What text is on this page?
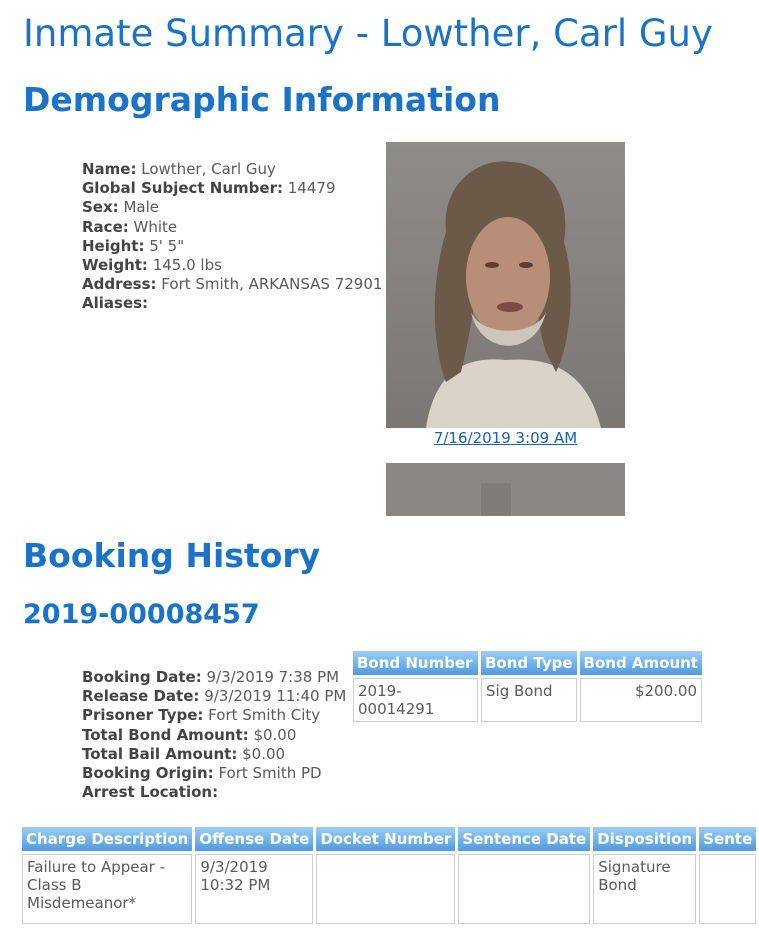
Inmate Summary - Lowther, Carl Guy
Demographic Information
Name: Lowther, Carl Guy
Global Subject Number: 14479
Sex: Male
Race: White
Height: 5' 5"
Weight: 145.0 lbs
Address: Fort Smith, ARKANSAS 72901
Aliases:
7/16/2019 3:09 AM
Booking History
2019-00008457
Booking Date: 9/3/2019 7:38 PM
Release Date: 9/3/2019 11:40 PM
Prisoner Type: Fort Smith City
Total Bond Amount: $0.00
Total Bail Amount: $0.00
Booking Origin: Fort Smith PD
Arrest Location:
Bond Number	Bond Type	Bond Amount
2019-00014291	Sig Bond	$200.00
Charge Description	Offense Date	Docket Number	Sentence Date	Disposition	Sente
Failure to Appear - Class B Misdemeanor*	9/3/2019 10:32 PM			Signature Bond	
